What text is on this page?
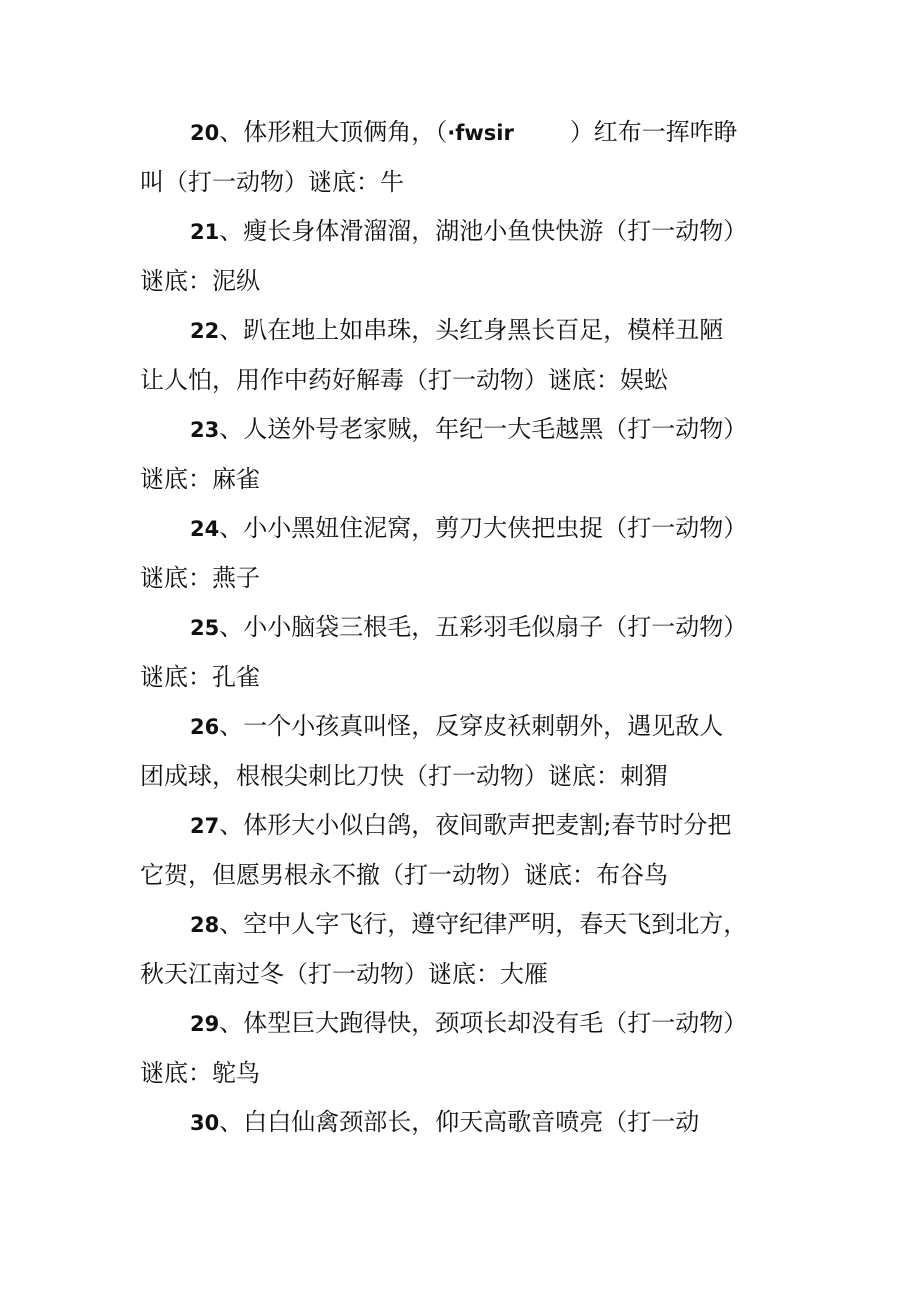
20、体形粗大顶俩角，（·fwsir ）红布一挥咋睁
叫（打一动物）谜底：牛
21、瘦长身体滑溜溜，湖池小鱼快快游（打一动物）
谜底：泥纵
22、趴在地上如串珠，头红身黑长百足，模样丑陋
让人怕，用作中药好解毒（打一动物）谜底：娱蚣
23、人送外号老家贼，年纪一大毛越黑（打一动物）
谜底：麻雀
24、小小黑妞住泥窝，剪刀大侠把虫捉（打一动物）
谜底：燕子
25、小小脑袋三根毛，五彩羽毛似扇子（打一动物）
谜底：孔雀
26、一个小孩真叫怪，反穿皮袄刺朝外，遇见敌人
团成球，根根尖刺比刀快（打一动物）谜底：刺猬
27、体形大小似白鸽，夜间歌声把麦割;春节时分把
它贺，但愿男根永不撤（打一动物）谜底：布谷鸟
28、空中人字飞行，遵守纪律严明，春天飞到北方，
秋天江南过冬（打一动物）谜底：大雁
29、体型巨大跑得快，颈项长却没有毛（打一动物）
谜底：鸵鸟
30、白白仙禽颈部长，仰天高歌音喷亮（打一动
